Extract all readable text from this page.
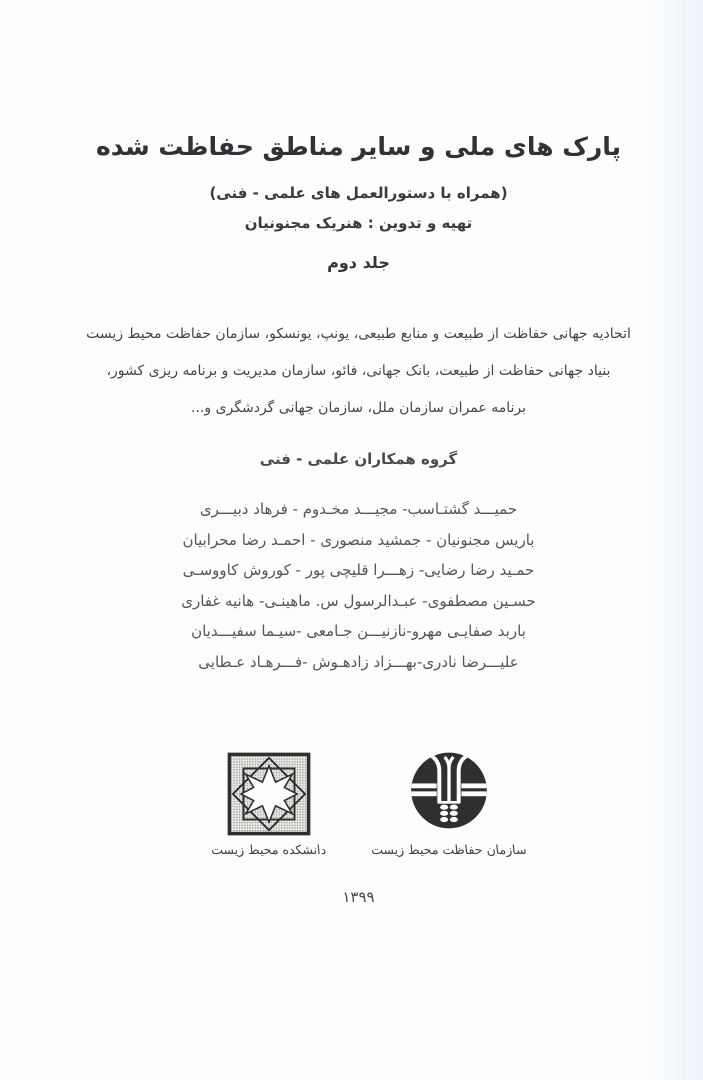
پارک های ملی و سایر مناطق حفاظت شده
(همراه با دستورالعمل های علمی - فنی)
تهیه و تدوین : هنریک مجنونیان
جلد دوم
اتحادیه جهانی حفاظت از طبیعت و منابع طبیعی، یونپ، یونسکو، سازمان حفاظت محیط زیست
بنیاد جهانی حفاظت از طبیعت، بانک جهانی، فائو، سازمان مدیریت و برنامه ریزی کشور،
برنامه عمران سازمان ملل، سازمان جهانی گردشگری و...
گروه همکاران علمی - فنی
حمیـــد گشتـاسب- مجیـــد مخـدوم - فرهاد دبیـــری
باریس مجنونیان - جمشید منصوری - احمـد رضا محرابیان
حمـید رضا رضایی- زهـــرا قلیچی پور - کوروش کاووسـی
حسـین مصطفوی- عبـدالرسول س. ماهینـی- هانیه غفاری
باربد صفایـی مهرو-نازنیـــن جـامعی -سیـما سفیـــدیان
علیـــرضا نادری-بهـــزاد زادهـوش -فـــرهـاد عـطایی
سازمان حفاظت محیط زیست
دانشکده محیط زیست
۱۳۹۹
